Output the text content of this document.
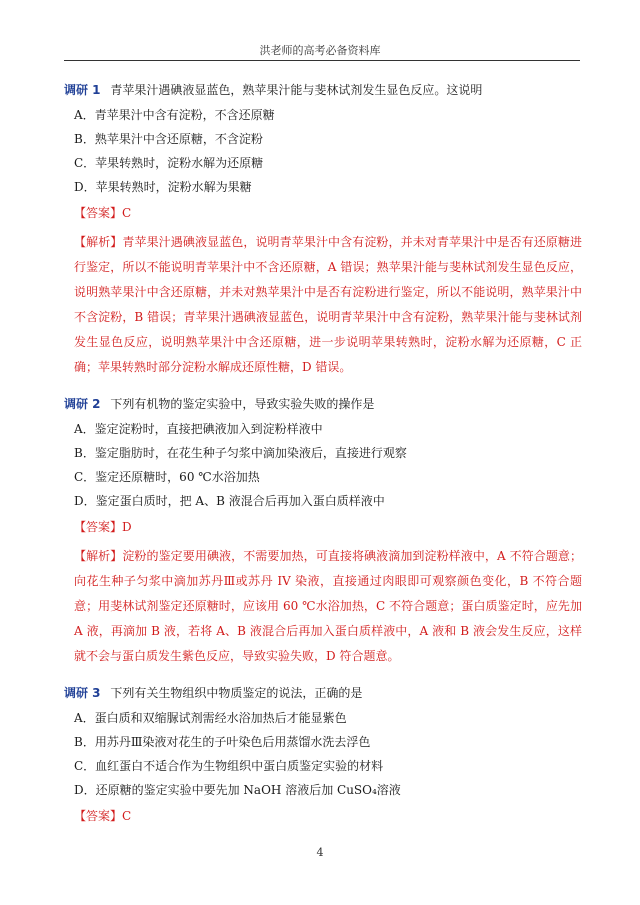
洪老师的高考必备资料库

调研 1 青苹果汁遇碘液显蓝色，熟苹果汁能与斐林试剂发生显色反应。这说明

A．青苹果汁中含有淀粉，不含还原糖
B．熟苹果汁中含还原糖，不含淀粉
C．苹果转熟时，淀粉水解为还原糖
D．苹果转熟时，淀粉水解为果糖
【答案】C
【解析】青苹果汁遇碘液显蓝色，说明青苹果汁中含有淀粉，并未对青苹果汁中是否有还原糖进行鉴定，所以不能说明青苹果汁中不含还原糖，A 错误；熟苹果汁能与斐林试剂发生显色反应，说明熟苹果汁中含还原糖，并未对熟苹果汁中是否有淀粉进行鉴定，所以不能说明，熟苹果汁中不含淀粉，B 错误；青苹果汁遇碘液显蓝色，说明青苹果汁中含有淀粉，熟苹果汁能与斐林试剂发生显色反应，说明熟苹果汁中含还原糖，进一步说明苹果转熟时，淀粉水解为还原糖，C 正确；苹果转熟时部分淀粉水解成还原性糖，D 错误。

调研 2 下列有机物的鉴定实验中，导致实验失败的操作是

A．鉴定淀粉时，直接把碘液加入到淀粉样液中
B．鉴定脂肪时，在花生种子匀浆中滴加染液后，直接进行观察
C．鉴定还原糖时，60 ℃水浴加热
D．鉴定蛋白质时，把 A、B 液混合后再加入蛋白质样液中
【答案】D
【解析】淀粉的鉴定要用碘液，不需要加热，可直接将碘液滴加到淀粉样液中，A 不符合题意；向花生种子匀浆中滴加苏丹Ⅲ或苏丹 IV 染液，直接通过肉眼即可观察颜色变化，B 不符合题意；用斐林试剂鉴定还原糖时，应该用 60 ℃水浴加热，C 不符合题意；蛋白质鉴定时，应先加 A 液，再滴加 B 液，若将 A、B 液混合后再加入蛋白质样液中，A 液和 B 液会发生反应，这样就不会与蛋白质发生紫色反应，导致实验失败，D 符合题意。

调研 3 下列有关生物组织中物质鉴定的说法，正确的是

A．蛋白质和双缩脲试剂需经水浴加热后才能显紫色
B．用苏丹Ⅲ染液对花生的子叶染色后用蒸馏水洗去浮色
C．血红蛋白不适合作为生物组织中蛋白质鉴定实验的材料
D．还原糖的鉴定实验中要先加 NaOH 溶液后加 CuSO₄溶液
【答案】C
4
